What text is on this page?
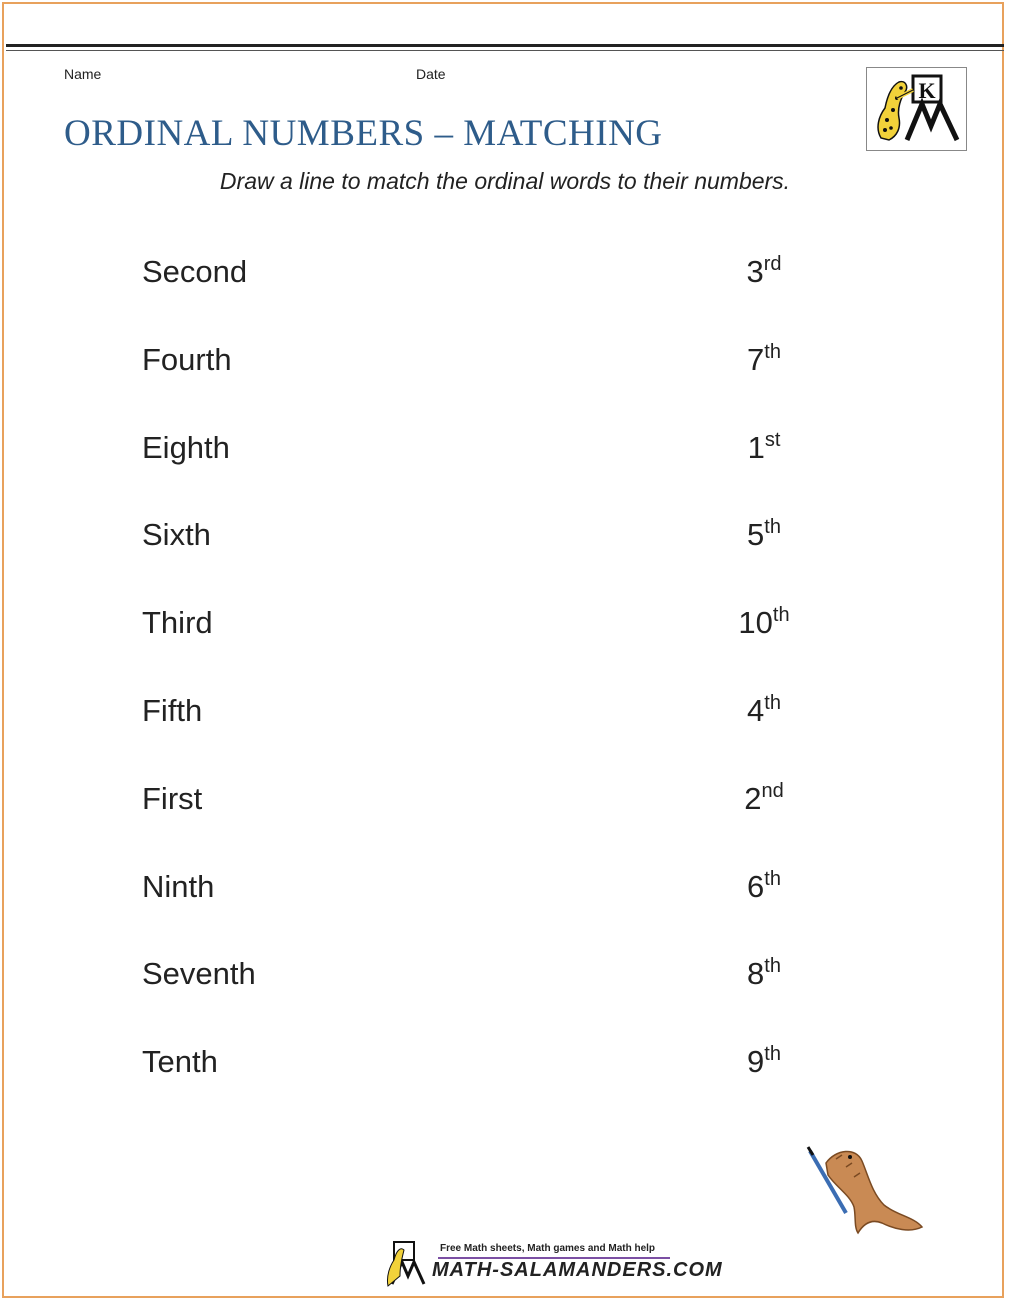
Name	Date
ORDINAL NUMBERS – MATCHING
Draw a line to match the ordinal words to their numbers.
K
Second
Fourth
Eighth
Sixth
Third
Fifth
First
Ninth
Seventh
Tenth
3rd
7th
1st
5th
10th
4th
2nd
6th
8th
9th
Free Math sheets, Math games and Math help
MATH-SALAMANDERS.COM
